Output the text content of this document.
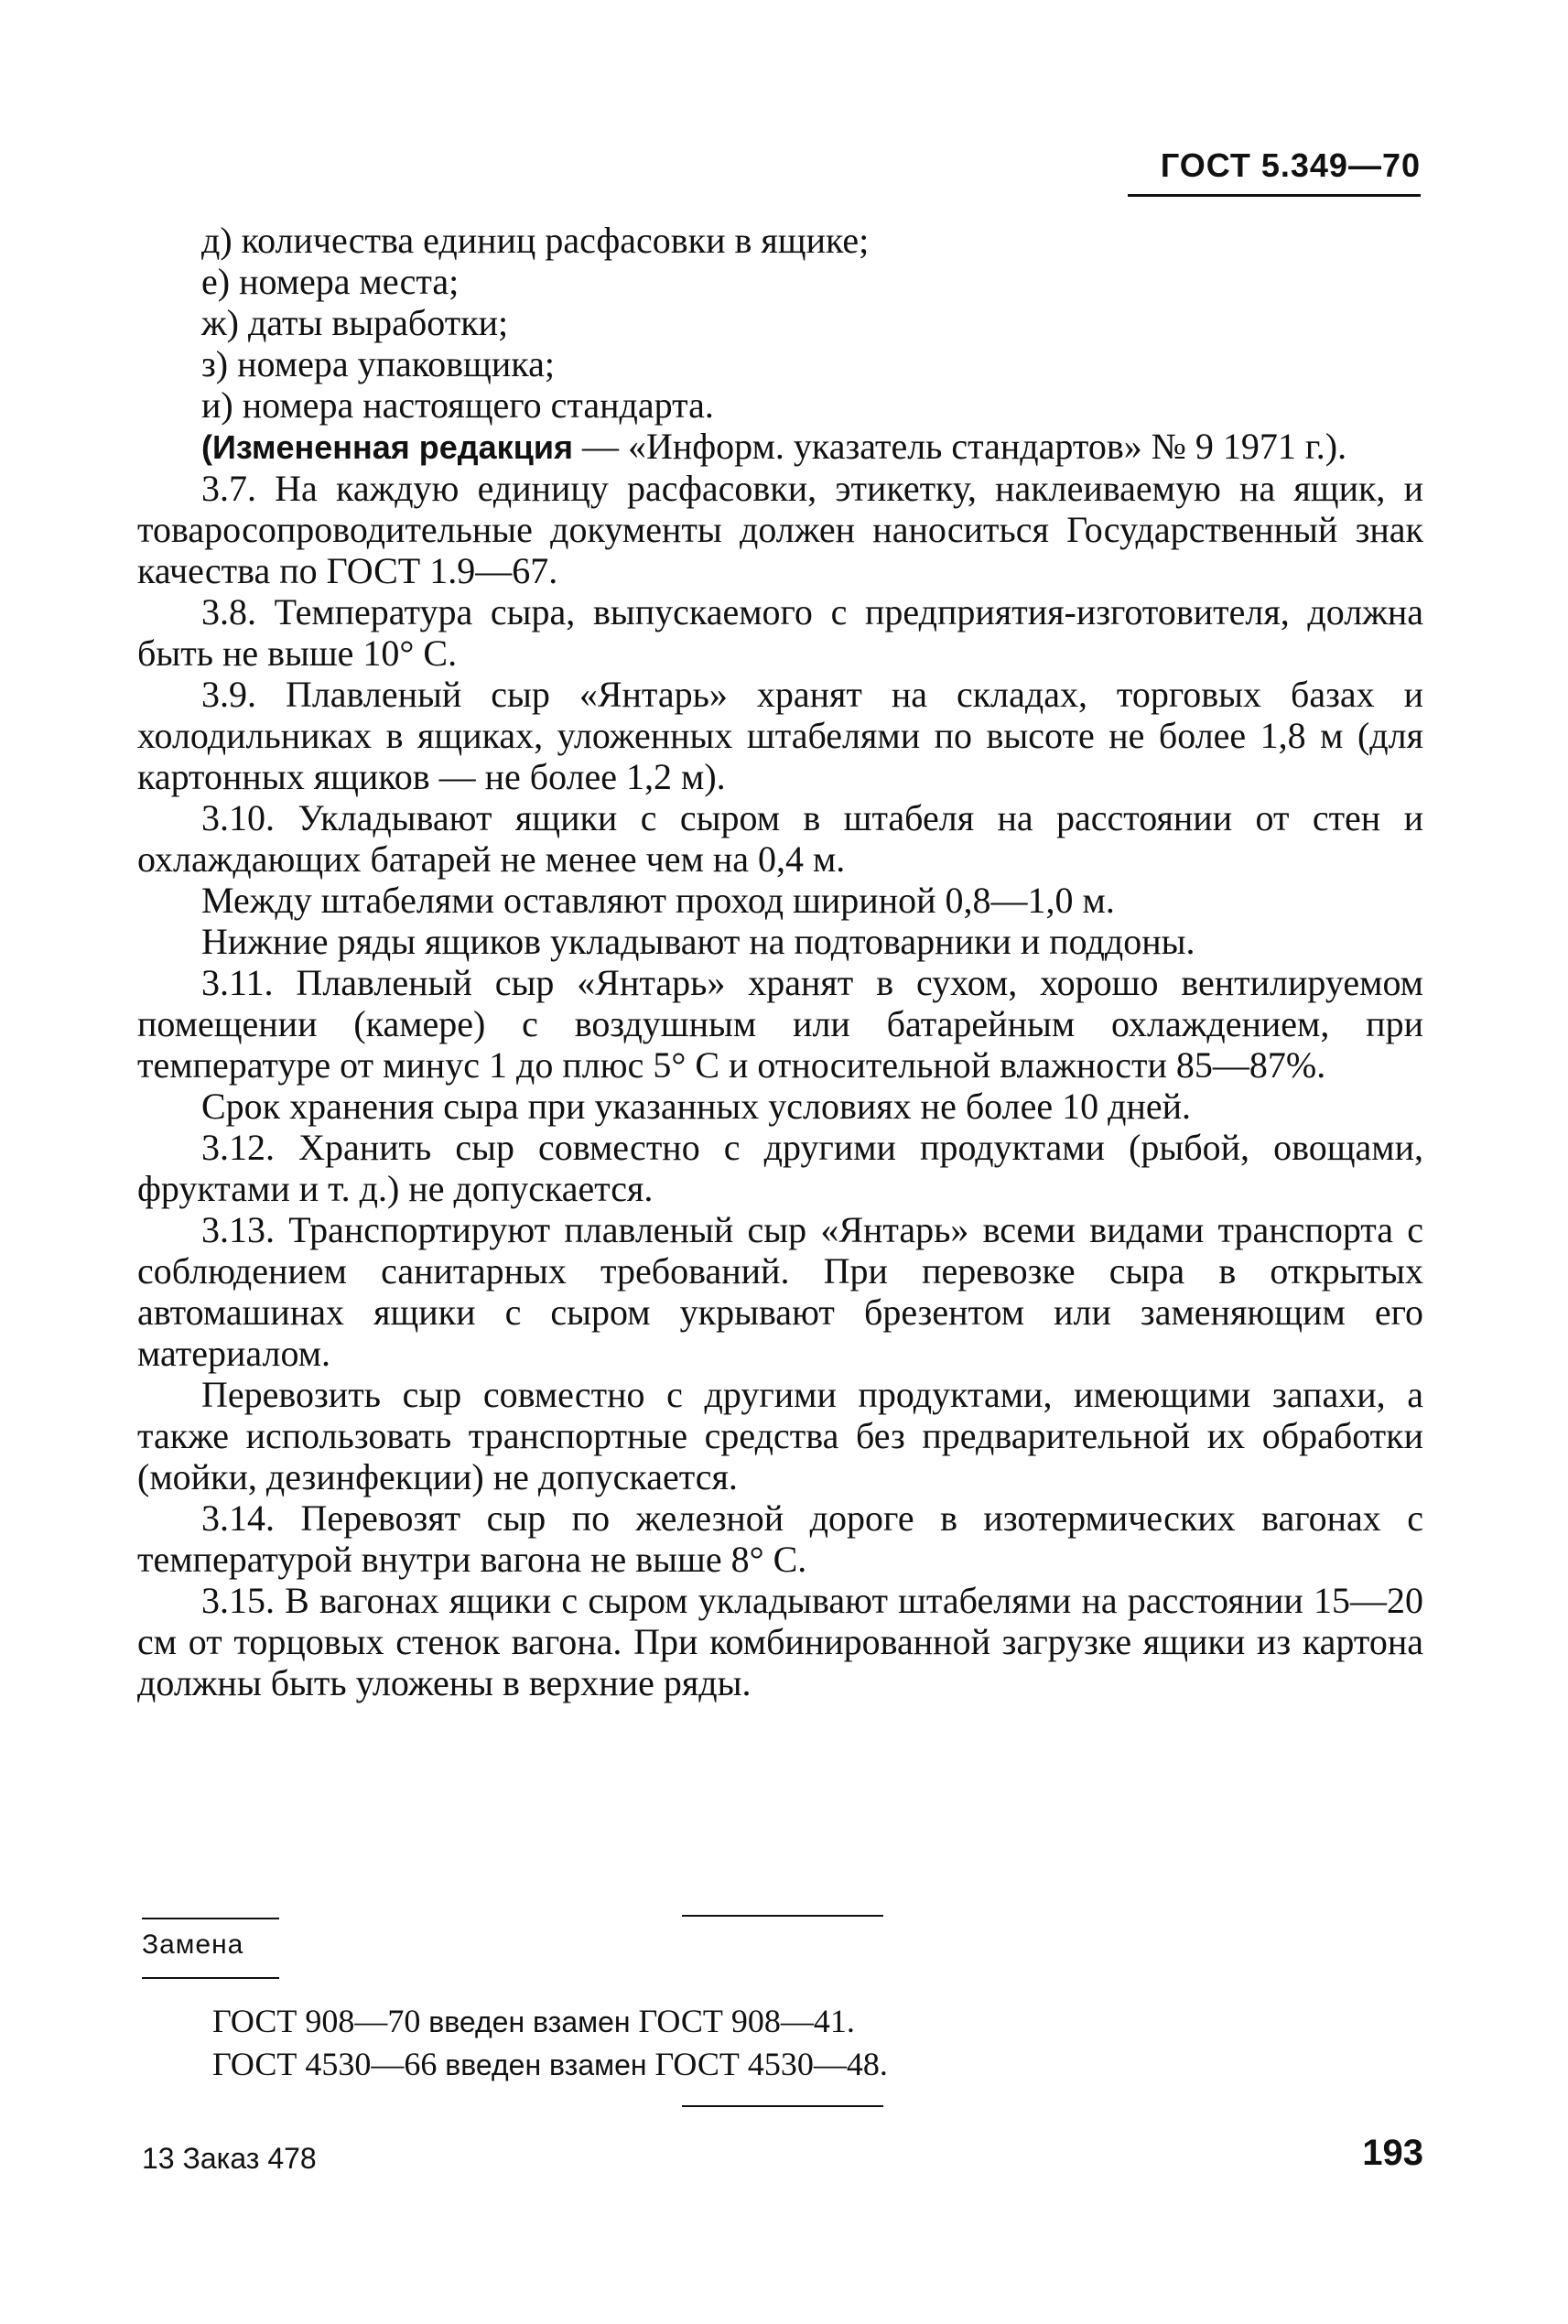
ГОСТ 5.349—70

д) количества единиц расфасовки в ящике;

е) номера места;

ж) даты выработки;

з) номера упаковщика;

и) номера настоящего стандарта.

(Измененная редакция — «Информ. указатель стандартов» № 9 1971 г.).

3.7. На каждую единицу расфасовки, этикетку, наклеиваемую на ящик, и товаросопроводительные документы должен наноситься Государственный знак качества по ГОСТ 1.9—67.

3.8. Температура сыра, выпускаемого с предприятия-изготовителя, должна быть не выше 10° С.

3.9. Плавленый сыр «Янтарь» хранят на складах, торговых базах и холодильниках в ящиках, уложенных штабелями по высоте не более 1,8 м (для картонных ящиков — не более 1,2 м).

3.10. Укладывают ящики с сыром в штабеля на расстоянии от стен и охлаждающих батарей не менее чем на 0,4 м.

Между штабелями оставляют проход шириной 0,8—1,0 м.

Нижние ряды ящиков укладывают на подтоварники и поддоны.

3.11. Плавленый сыр «Янтарь» хранят в сухом, хорошо вентилируемом помещении (камере) с воздушным или батарейным охлаждением, при температуре от минус 1 до плюс 5° С и относительной влажности 85—87%.

Срок хранения сыра при указанных условиях не более 10 дней.

3.12. Хранить сыр совместно с другими продуктами (рыбой, овощами, фруктами и т. д.) не допускается.

3.13. Транспортируют плавленый сыр «Янтарь» всеми видами транспорта с соблюдением санитарных требований. При перевозке сыра в открытых автомашинах ящики с сыром укрывают брезентом или заменяющим его материалом.

Перевозить сыр совместно с другими продуктами, имеющими запахи, а также использовать транспортные средства без предварительной их обработки (мойки, дезинфекции) не допускается.

3.14. Перевозят сыр по железной дороге в изотермических вагонах с температурой внутри вагона не выше 8° С.

3.15. В вагонах ящики с сыром укладывают штабелями на расстоянии 15—20 см от торцовых стенок вагона. При комбинированной загрузке ящики из картона должны быть уложены в верхние ряды.

Замена

ГОСТ 908—70 введен взамен ГОСТ 908—41.

ГОСТ 4530—66 введен взамен ГОСТ 4530—48.

13 Заказ 478	193
